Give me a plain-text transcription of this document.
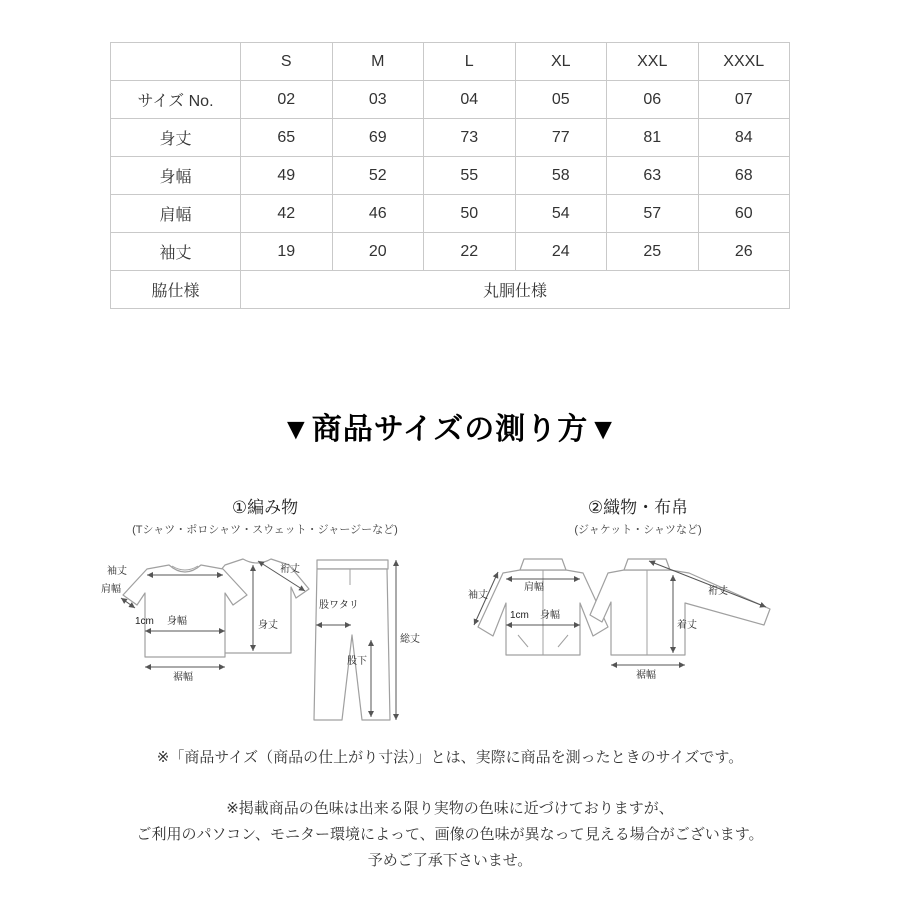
	S	M	L	XL	XXL	XXXL
サイズ No.	02	03	04	05	06	07
身丈	65	69	73	77	81	84
身幅	49	52	55	58	63	68
肩幅	42	46	50	54	57	60
袖丈	19	20	22	24	25	26
脇仕様	丸胴仕様					
▼商品サイズの測り方▼
①編み物
(Tシャツ・ポロシャツ・スウェット・ジャージーなど)
袖丈
肩幅
1cm 身幅	身丈
裄丈
裾幅
股ワタリ
総丈
股下
②織物・布帛
(ジャケット・シャツなど)
袖丈
肩幅
1cm 身幅
裄丈
着丈
裾幅
※「商品サイズ（商品の仕上がり寸法）」とは、実際に商品を測ったときのサイズです。

※掲載商品の色味は出来る限り実物の色味に近づけておりますが、

ご利用のパソコン、モニター環境によって、画像の色味が異なって見える場合がございます。

予めご了承下さいませ。
